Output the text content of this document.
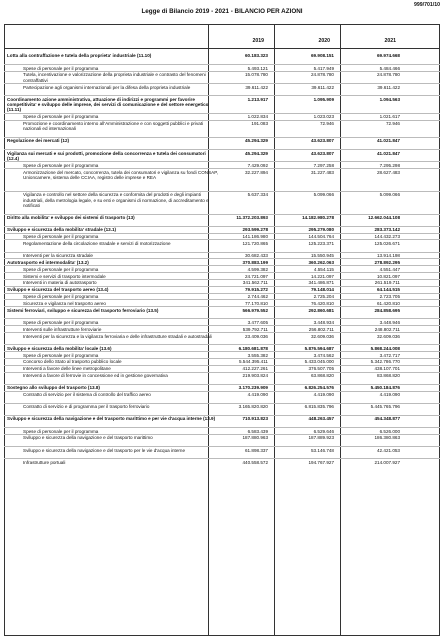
999/701/10
Legge di Bilancio 2019 - 2021 - BILANCIO PER AZIONI
2019	2020	2021
Lotta alla contraffazione e tutela della proprieta' industriale (11.10)	60.183.323	69.908.151	69.974.668
Spese di personale per il programma	5.493.121	5.417.949	5.484.466
Tutela, incentivazione e valorizzazione della proprieta industriale e contrasto del fenomeni contraffattivi
15.078.780	24.878.780	24.878.780
Partecipazione agli organismi internazionali per la difesa della proprieta industriale	39.611.422	39.611.422	39.611.422
Coordinamento azione amministrativa, attuazione di indirizzi e programmi per favorire competitivita' e sviluppo delle imprese, dei servizi di comunicazione e del settore energetico (11.11)
1.213.917	1.095.909	1.094.563
Spese di personale per il programma	1.022.834	1.023.023	1.021.617
Promozione e coordinamento interno all'Amministrazione e con soggetti pubblici e privati nazionali ed internazionali
191.083	72.946	72.946
Regolazione dei mercati (12)	45.294.329	43.623.807	41.021.847
Vigilanza sui mercati e sui prodotti, promozione della concorrenza e tutela dei consumatori (12.4)
45.294.329	43.623.807	41.021.847
Spese di personale per il programma	7.429.092	7.297.258	7.295.298
Armonizzazione del mercato, concorrenza, tutela dei consumatori e vigilanza su fondi CONSAP, Unioncamere, sistema delle CCIAA, registro delle imprese e REA
32.227.894	31.227.483	28.627.483
Vigilanza e controllo nel settore della sicurezza e conformita del prodotti e degli impianti industriali, della metrologia legale, e su enti e organismi di normazione, di accreditamento e notificati
5.637.334	5.099.066	5.099.066
Diritto alla mobilita' e sviluppo dei sistemi di trasporto (13)	11.372.203.893	14.182.980.278	12.662.044.108
Sviluppo e sicurezza della mobilita' stradale (13.1)	293.599.278	295.279.080	283.373.142
Spese di personale per il programma	141.186.980	144.504.764	144.432.273
Regolamentazione della circolazione stradale e servizi di motorizzazione	121.720.865	125.223.371	125.026.671
Interventi per la sicurezza stradale	30.682.433	15.550.945	13.914.198
Autotrasporto ed intermodalita' (13.2)	370.883.199	360.262.063	278.892.295
Spese di personale per il programma	4.599.382	4.554.115	4.551.447
Sistemi e servizi di trasporto intermodale	24.721.097	14.221.097	10.821.097
Interventi in materia di autotrasporto	341.562.711	341.486.871	261.519.711
Sviluppo e sicurezza del trasporto aereo (13.4)	79.915.272	79.148.014	64.144.515
Spese di personale per il programma	2.744.462	2.725.204	2.723.705
Sicurezza e vigilanza nel trasporto aereo	77.170.810	76.420.810	61.420.810
Sistemi ferroviari, sviluppo e sicurezza del trasporto ferroviario (13.5)	566.979.552	292.860.681	284.858.695
Spese di personale per il programma	3.477.605	3.448.934	3.448.946
Interventi sulle infrastrutture ferroviarie	539.792.711	256.802.711	248.802.711
Interventi per la sicurezza e la vigilanza ferroviaria e delle infrastrutture stradali e autostradali	23.409.036	32.609.036	32.609.036
Sviluppo e sicurezza della mobilita' locale (13.6)	6.180.681.878	5.876.594.687	5.868.244.008
Spese di personale per il programma	3.555.382	3.474.562	3.472.717
Concorso dello Stato al trasporto pubblico locale	5.544.395.411	5.433.045.000	5.342.786.770
Interventi a favore delle linee metropolitane	412.227.261	376.507.705	438.107.701
Interventi a favore di ferrovie in concessione ed in gestione governativa	219.903.824	63.868.820	83.868.820
Sostegno allo sviluppo del trasporto (13.8)	3.170.239.909	6.826.254.576	5.450.184.876
Contratto di servizio per il sistema di controllo del traffico aereo	4.419.090	4.419.090	4.419.090
Contratto di servizio e di programma per il trasporto ferroviario	3.165.820.820	6.815.835.796	5.445.765.796
Sviluppo e sicurezza della navigazione e del trasporto marittimo e per vie d'acqua interne (13.9)	710.913.823	448.263.457	454.348.877
Spese di personale per il programma	6.583.439	6.529.646	6.526.000
Sviluppo e sicurezza della navigazione e del trasporto marittimo	187.880.963	187.889.923	186.380.863
Sviluppo e sicurezza della navigazione e del trasporto per le vie d'acqua interne	61.898.337	53.146.748	42.421.053
Infrastrutture portuali	440.558.572	194.767.927	214.007.927
